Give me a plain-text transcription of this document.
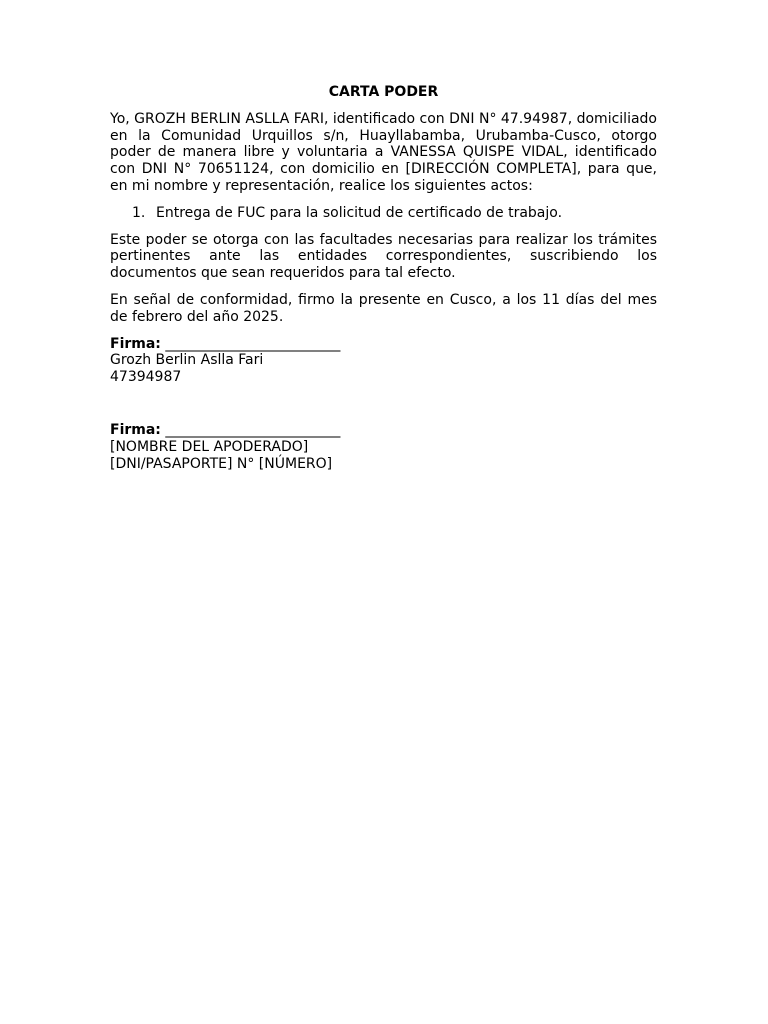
CARTA PODER
Yo, GROZH BERLIN ASLLA FARI, identificado con DNI N° 47.94987, domiciliado en la Comunidad Urquillos s/n, Huayllabamba, Urubamba-Cusco, otorgo poder de manera libre y voluntaria a VANESSA QUISPE VIDAL, identificado con DNI N° 70651124, con domicilio en [DIRECCIÓN COMPLETA], para que, en mi nombre y representación, realice los siguientes actos:
1. Entrega de FUC para la solicitud de certificado de trabajo.
Este poder se otorga con las facultades necesarias para realizar los trámites pertinentes ante las entidades correspondientes, suscribiendo los documentos que sean requeridos para tal efecto.
En señal de conformidad, firmo la presente en Cusco, a los 11 días del mes de febrero del año 2025.
Firma: _________________________
Grozh Berlin Aslla Fari
47394987
Firma: _________________________
[NOMBRE DEL APODERADO]
[DNI/PASAPORTE] N° [NÚMERO]
